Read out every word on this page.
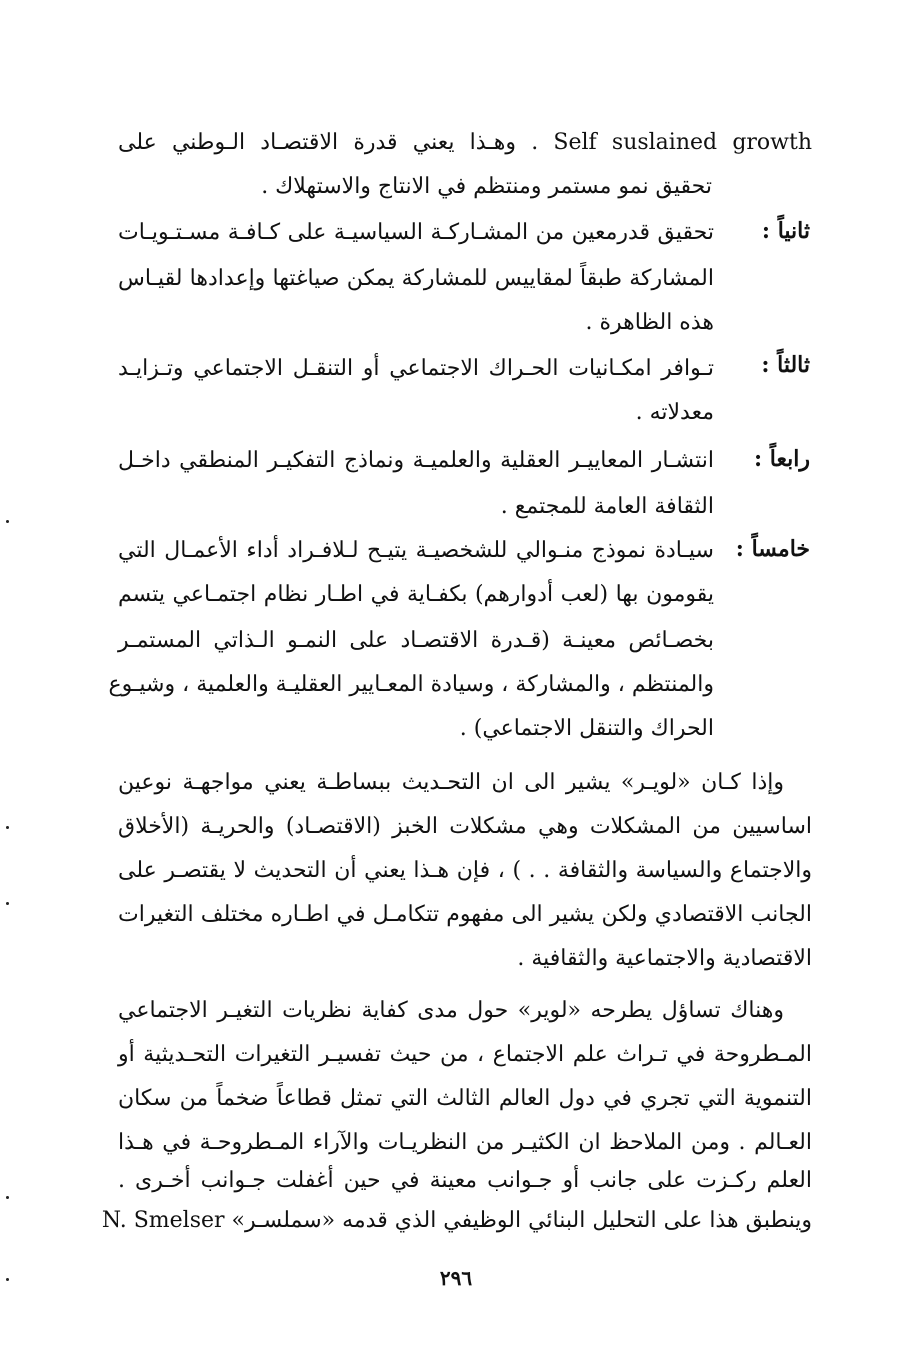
Self suslained growth . وهـذا يعني قدرة الاقتصـاد الـوطني على
تحقيق نمو مستمر ومنتظم في الانتاج والاستهلاك .
ثانياً :
تحقيق قدرمعين من المشـاركـة السياسيـة على كـافـة مسـتـويـات
المشاركة طبقاً لمقاييس للمشاركة يمكن صياغتها وإعدادها لقيـاس
هذه الظاهرة .
ثالثاً :
تـوافر امكـانيات الحـراك الاجتماعي أو التنقـل الاجتماعي وتـزايـد
معدلاته .
رابعاً :
انتشـار المعاييـر العقلية والعلميـة ونماذج التفكيـر المنطقي داخـل
الثقافة العامة للمجتمع .
خامساً :
سيـادة نموذج منـوالي للشخصيـة يتيـح لـلافـراد أداء الأعمـال التي
يقومون بها (لعب أدوارهم) بكفـاية في اطـار نظام اجتمـاعي يتسم
بخصـائص معينـة (قـدرة الاقتصـاد على النمـو الـذاتي المستمـر
والمنتظم ، والمشاركة ، وسيادة المعـايير العقليـة والعلمية ، وشيـوع
الحراك والتنقل الاجتماعي) .
وإذا كـان «لويـر» يشير الى ان التحـديث ببساطـة يعني مواجهـة نوعين
اساسيين من المشكلات وهي مشكلات الخبز (الاقتصـاد) والحريـة (الأخلاق
والاجتماع والسياسة والثقافة . . ) ، فإن هـذا يعني أن التحديث لا يقتصـر على
الجانب الاقتصادي ولكن يشير الى مفهوم تتكامـل في اطـاره مختلف التغيرات
الاقتصادية والاجتماعية والثقافية .
وهناك تساؤل يطرحه «لوير» حول مدى كفاية نظريات التغيـر الاجتماعي
المـطروحة في تـراث علم الاجتماع ، من حيث تفسيـر التغيرات التحـديثية أو
التنموية التي تجري في دول العالم الثالث التي تمثل قطاعاً ضخماً من سكان
العـالم . ومن الملاحظ ان الكثيـر من النظريـات والآراء المـطروحـة في هـذا
العلم ركـزت على جانب أو جـوانب معينة في حين أغفلت جـوانب أخـرى .
وينطبق هذا على التحليل البنائي الوظيفي الذي قدمه «سملسـر» N. Smelser
٢٩٦
